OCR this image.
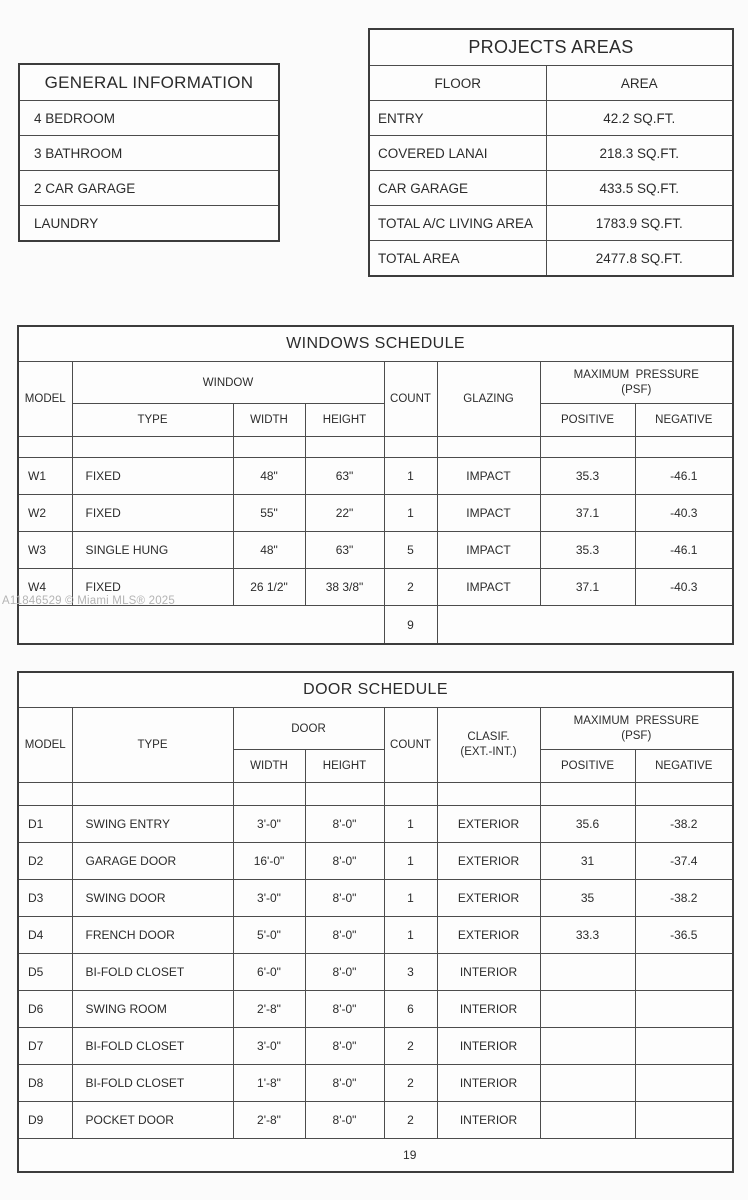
GENERAL INFORMATION
4 BEDROOM
3 BATHROOM
2 CAR GARAGE
LAUNDRY
PROJECTS AREAS	
FLOOR	AREA
ENTRY	42.2 SQ.FT.
COVERED LANAI	218.3 SQ.FT.
CAR GARAGE	433.5 SQ.FT.
TOTAL A/C LIVING AREA	1783.9 SQ.FT.
TOTAL AREA	2477.8 SQ.FT.
WINDOWS SCHEDULE							
MODEL	WINDOW			COUNT	GLAZING	MAXIMUM  PRESSURE
(PSF)	

	TYPE	WIDTH	HEIGHT			POSITIVE	NEGATIVE

W1	FIXED	48"	63"	1	IMPACT	35.3	-46.1
W2	FIXED	55"	22"	1	IMPACT	37.1	-40.3
W3	SINGLE HUNG	48"	63"	5	IMPACT	35.3	-46.1
W4	FIXED	26 1/2"	38 3/8"	2	IMPACT	37.1	-40.3
				9			
DOOR SCHEDULE							
MODEL	TYPE	DOOR		COUNT	CLASIF.
(EXT.-INT.)	MAXIMUM  PRESSURE
(PSF)	

		WIDTH	HEIGHT			POSITIVE	NEGATIVE

D1	SWING ENTRY	3'-0"	8'-0"	1	EXTERIOR	35.6	-38.2
D2	GARAGE DOOR	16'-0"	8'-0"	1	EXTERIOR	31	-37.4
D3	SWING DOOR	3'-0"	8'-0"	1	EXTERIOR	35	-38.2
D4	FRENCH DOOR	5'-0"	8'-0"	1	EXTERIOR	33.3	-36.5
D5	BI-FOLD CLOSET	6'-0"	8'-0"	3	INTERIOR		
D6	SWING ROOM	2'-8"	8'-0"	6	INTERIOR		
D7	BI-FOLD CLOSET	3'-0"	8'-0"	2	INTERIOR		
D8	BI-FOLD CLOSET	1'-8"	8'-0"	2	INTERIOR		
D9	POCKET DOOR	2'-8"	8'-0"	2	INTERIOR		

19							
A11846529 © Miami MLS® 2025
